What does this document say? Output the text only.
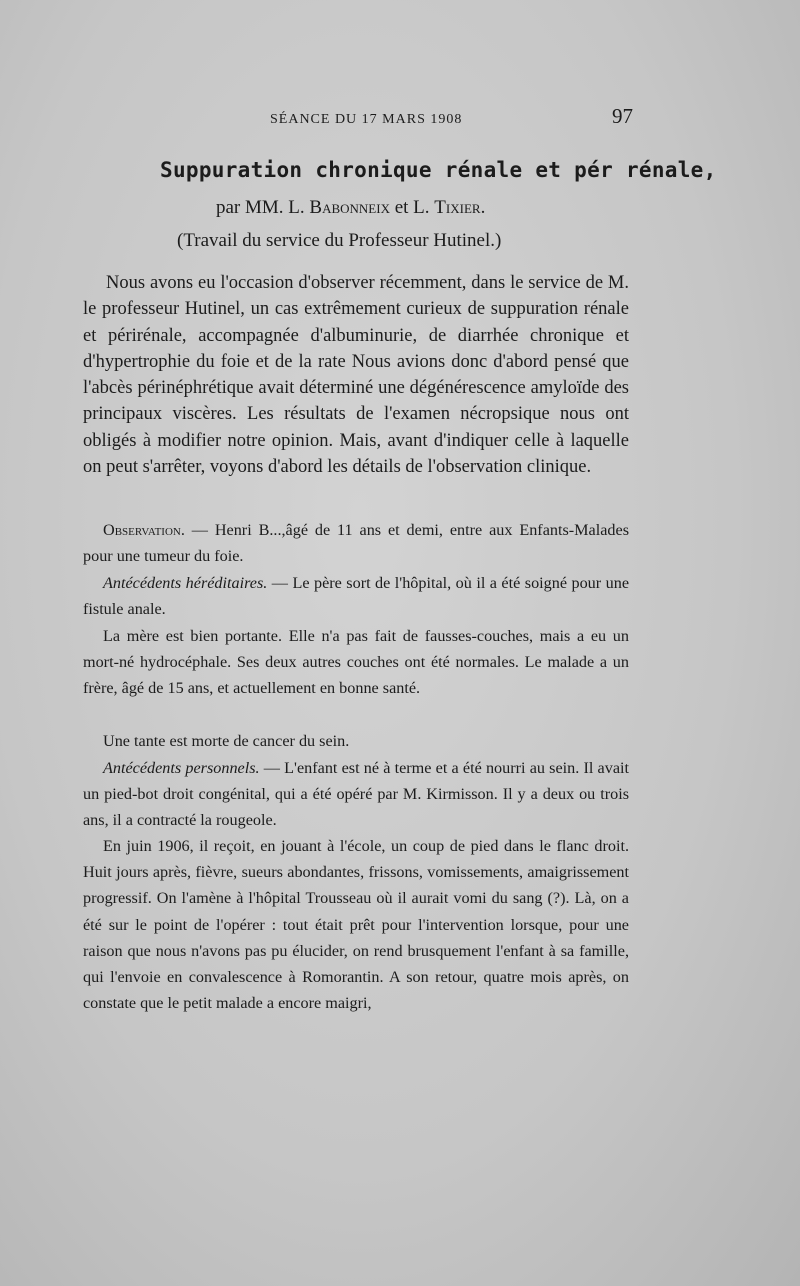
SÉANCE DU 17 MARS 1908	97
Suppuration chronique rénale et pér rénale,
par MM. L. Babonneix et L. Tixier.
(Travail du service du Professeur Hutinel.)

Nous avons eu l'occasion d'observer récemment, dans le service de M. le professeur Hutinel, un cas extrêmement curieux de suppuration rénale et périrénale, accompagnée d'albuminurie, de diarrhée chronique et d'hypertrophie du foie et de la rate Nous avions donc d'abord pensé que l'abcès périnéphrétique avait déterminé une dégénérescence amyloïde des principaux viscères. Les résultats de l'examen nécropsique nous ont obligés à modifier notre opinion. Mais, avant d'indiquer celle à laquelle on peut s'arrêter, voyons d'abord les détails de l'observation clinique.

Observation. — Henri B...,âgé de 11 ans et demi, entre aux Enfants-Malades pour une tumeur du foie.

Antécédents héréditaires. — Le père sort de l'hôpital, où il a été soigné pour une fistule anale.

La mère est bien portante. Elle n'a pas fait de fausses-couches, mais a eu un mort-né hydrocéphale. Ses deux autres couches ont été normales. Le malade a un frère, âgé de 15 ans, et actuellement en bonne santé.

Une tante est morte de cancer du sein.

Antécédents personnels. — L'enfant est né à terme et a été nourri au sein. Il avait un pied-bot droit congénital, qui a été opéré par M. Kirmisson. Il y a deux ou trois ans, il a contracté la rougeole.

En juin 1906, il reçoit, en jouant à l'école, un coup de pied dans le flanc droit. Huit jours après, fièvre, sueurs abondantes, frissons, vomissements, amaigrissement progressif. On l'amène à l'hôpital Trousseau où il aurait vomi du sang (?). Là, on a été sur le point de l'opérer : tout était prêt pour l'intervention lorsque, pour une raison que nous n'avons pas pu élucider, on rend brusquement l'enfant à sa famille, qui l'envoie en convalescence à Romorantin. A son retour, quatre mois après, on constate que le petit malade a encore maigri,
